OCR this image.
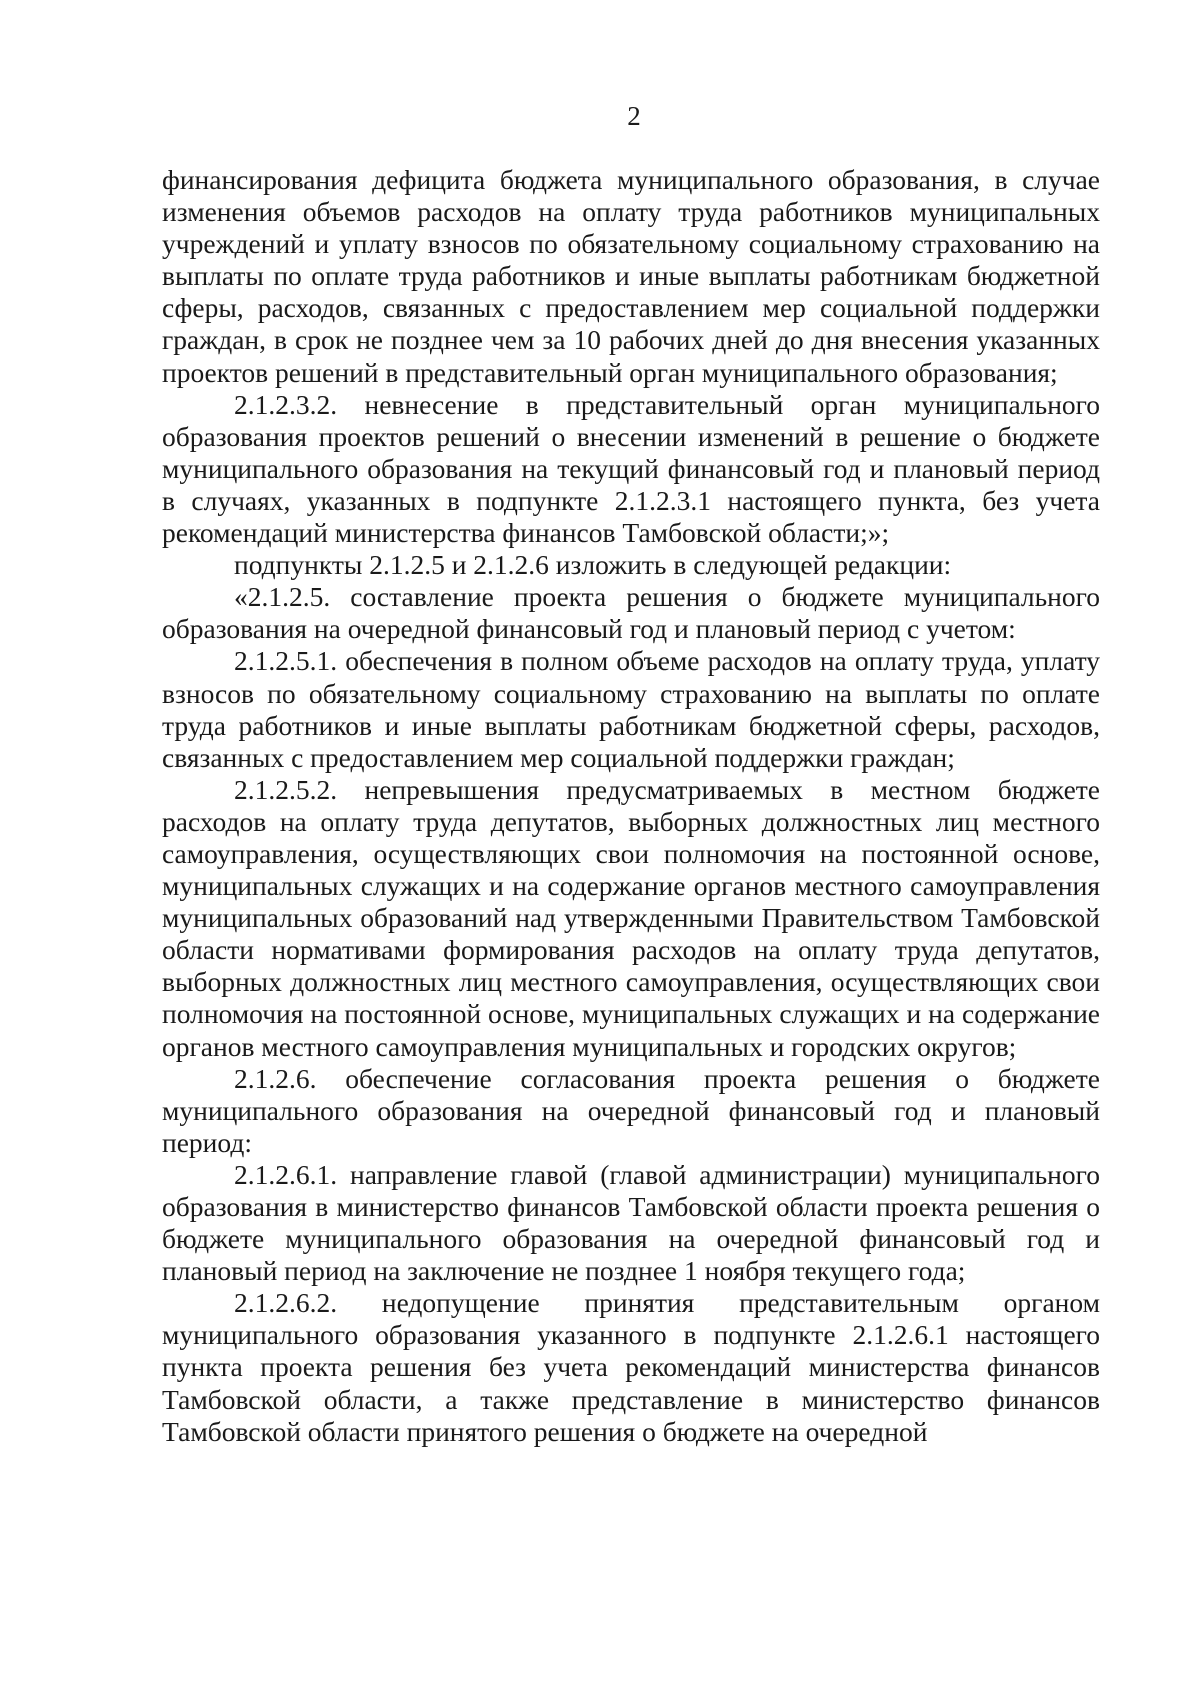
2

финансирования дефицита бюджета муниципального образования, в случае изменения объемов расходов на оплату труда работников муниципальных учреждений и уплату взносов по обязательному социальному страхованию на выплаты по оплате труда работников и иные выплаты работникам бюджетной сферы, расходов, связанных с предоставлением мер социальной поддержки граждан, в срок не позднее чем за 10 рабочих дней до дня внесения указанных проектов решений в представительный орган муниципального образования;

2.1.2.3.2. невнесение в представительный орган муниципального образования проектов решений о внесении изменений в решение о бюджете муниципального образования на текущий финансовый год и плановый период в случаях, указанных в подпункте 2.1.2.3.1 настоящего пункта, без учета рекомендаций министерства финансов Тамбовской области;»;

подпункты 2.1.2.5 и 2.1.2.6 изложить в следующей редакции:

«2.1.2.5. составление проекта решения о бюджете муниципального образования на очередной финансовый год и плановый период с учетом:

2.1.2.5.1. обеспечения в полном объеме расходов на оплату труда, уплату взносов по обязательному социальному страхованию на выплаты по оплате труда работников и иные выплаты работникам бюджетной сферы, расходов, связанных с предоставлением мер социальной поддержки граждан;

2.1.2.5.2. непревышения предусматриваемых в местном бюджете расходов на оплату труда депутатов, выборных должностных лиц местного самоуправления, осуществляющих свои полномочия на постоянной основе, муниципальных служащих и на содержание органов местного самоуправления муниципальных образований над утвержденными Правительством Тамбовской области нормативами формирования расходов на оплату труда депутатов, выборных должностных лиц местного самоуправления, осуществляющих свои полномочия на постоянной основе, муниципальных служащих и на содержание органов местного самоуправления муниципальных и городских округов;

2.1.2.6. обеспечение согласования проекта решения о бюджете муниципального образования на очередной финансовый год и плановый период:

2.1.2.6.1. направление главой (главой администрации) муниципального образования в министерство финансов Тамбовской области проекта решения о бюджете муниципального образования на очередной финансовый год и плановый период на заключение не позднее 1 ноября текущего года;

2.1.2.6.2. недопущение принятия представительным органом муниципального образования указанного в подпункте 2.1.2.6.1 настоящего пункта проекта решения без учета рекомендаций министерства финансов Тамбовской области, а также представление в министерство финансов Тамбовской области принятого решения о бюджете на очередной
